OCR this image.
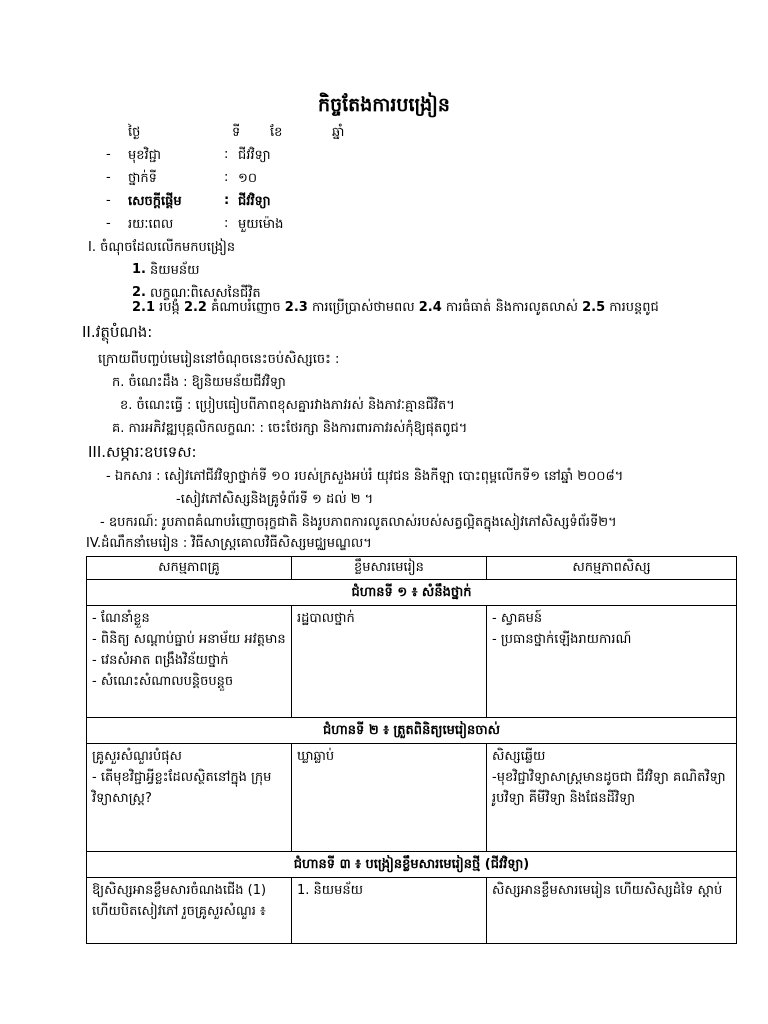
កិច្ចតែងការបង្រៀន
ថ្ងៃ	ទី ខែ	ឆ្នាំ
- មុខវិជ្ជា	: ជីវវិទ្យា
- ថ្នាក់ទី	: ១០
- សេចក្តីផ្តើម	: ជីវវិទ្យា
- រយៈពេល	: មួយម៉ោង
I. ចំណុចដែលលើកមកបង្រៀន
1. និយមន័យ
2. លក្ខណៈពិសេសនៃជីវិត
2.1 របង្កំ 2.2 គំណាបរំញោច 2.3 ការប្រើប្រាស់ថាមពល 2.4 ការធំធាត់ និងការលូតលាស់ 2.5 ការបន្តពូជ
II.វត្ថុបំណង:
ក្រោយពីបញ្ចប់មេរៀននៅចំណុចនេះចប់សិស្សចេះ :
ក. ចំណេះដឹង : ឱ្យនិយមន័យជីវវិទ្យា
ខ. ចំណេះធ្វើ : ប្រៀបធៀបពីភាពខុសគ្នារវាងភាវរស់ និងភាវៈគ្មានជីវិត។
គ. ការអភិវឌ្ឍបុគ្គលិកលក្ខណៈ : ចេះថែរក្សា និងការពារភាវរស់កុំឱ្យផុតពូជ។
III.សម្ភារៈឧបទេស:
- ឯកសារ : សៀវភៅជីវវិទ្យាថ្នាក់ទី ១០ របស់ក្រសួងអប់រំ យុវជន និងកីឡា បោះពុម្ពលើកទី១ នៅឆ្នាំ ២០០៨។
-សៀវភៅសិស្សនិងគ្រូទំព័រទី ១ ដល់ ២ ។
- ឧបករណ៍: រូបភាពគំណាបរំញោចរុក្ខជាតិ និងរូបភាពការលូតលាស់របស់សត្វល្អិតក្នុងសៀវភៅសិស្សទំព័រទី២។
IV.ដំណឹកនាំមេរៀន : វិធីសាស្រ្តគោលវិធីសិស្សមជ្ឈមណ្ឌល។
សកម្មភាពគ្រូ	ខ្លឹមសារមេរៀន	សកម្មភាពសិស្ស
ជំហានទី ១ ៖ សំនឹងថ្នាក់		

- ណែនាំខ្លួន
- ពិនិត្យ សណ្តាប់ធ្នាប់ អនាម័យ អវត្តមាន
- វេនសំអាត ពង្រឹងវិន័យថ្នាក់
- សំណេះសំណាលបន្តិចបន្តួច	រដ្ឋបាលថ្នាក់	- ស្វាគមន៍
- ប្រធានថ្នាក់ឡើងរាយការណ៍

ជំហានទី ២ ៖ ត្រួតពិនិត្យមេរៀនចាស់		

គ្រូសួរសំណួរបំផុស
- តើមុខវិជ្ជាអ្វីខ្លះដែលស្ថិតនៅក្នុង ក្រុម វិទ្យាសាស្ត្រ?	ឃ្លាឆ្លាប់	សិស្សឆ្លើយ
-មុខវិជ្ជាវិទ្យាសាស្ត្រមានដូចជា ជីវវិទ្យា គណិតវិទ្យា រូបវិទ្យា គីមីវិទ្យា និងផែនដីវិទ្យា

ជំហានទី ៣ ៖ បង្រៀនខ្លឹមសារមេរៀនថ្មី (ជីវវិទ្យា)		

ឱ្យសិស្សអានខ្លឹមសារចំណងជើង (1) ហើយបិតសៀវភៅ រួចគ្រូសួរសំណួរ ៖	1. និយមន័យ	សិស្សអានខ្លឹមសារមេរៀន ហើយសិស្សដំទៃ ស្តាប់
